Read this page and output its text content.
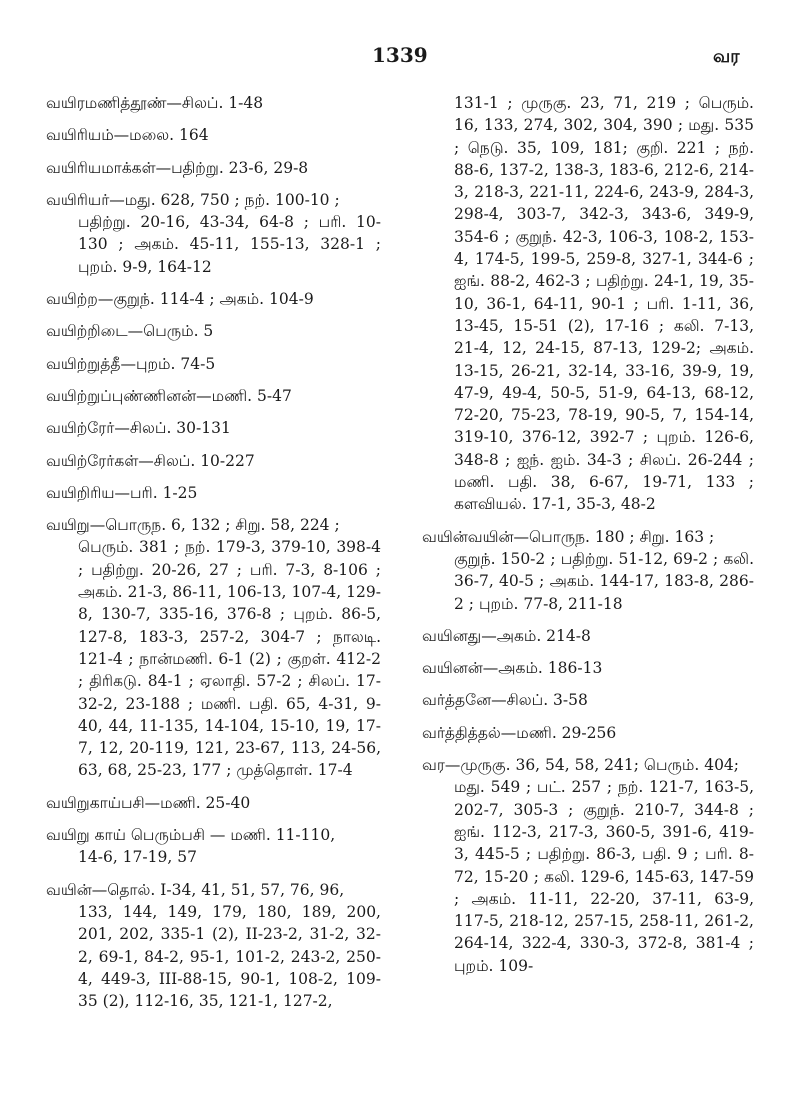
1339	வர
வயிரமணித்தூண்—சிலப். 1-48
வயிரியம்—மலை. 164
வயிரியமாக்கள்—பதிற்று. 23-6, 29-8
வயிரியர்—மது. 628, 750 ; நற். 100-10 ;
பதிற்று. 20-16, 43-34, 64-8 ; பரி. 10-130 ; அகம். 45-11, 155-13, 328-1 ; புறம். 9-9, 164-12
வயிற்ற—குறுந். 114-4 ; அகம். 104-9
வயிற்றிடை—பெரும். 5
வயிற்றுத்தீ—புறம். 74-5
வயிற்றுப்புண்ணினன்—மணி. 5-47
வயிற்ரேர்—சிலப். 30-131
வயிற்ரேர்கள்—சிலப். 10-227
வயிறிரிய—பரி. 1-25
வயிறு—பொருந. 6, 132 ; சிறு. 58, 224 ;
பெரும். 381 ; நற். 179-3, 379-10, 398-4 ; பதிற்று. 20-26, 27 ; பரி. 7-3, 8-106 ; அகம். 21-3, 86-11, 106-13, 107-4, 129-8, 130-7, 335-16, 376-8 ; புறம். 86-5, 127-8, 183-3, 257-2, 304-7 ; நாலடி. 121-4 ; நான்மணி. 6-1 (2) ; குறள். 412-2 ; திரிகடு. 84-1 ; ஏலாதி. 57-2 ; சிலப். 17-32-2, 23-188 ; மணி. பதி. 65, 4-31, 9-40, 44, 11-135, 14-104, 15-10, 19, 17-7, 12, 20-119, 121, 23-67, 113, 24-56, 63, 68, 25-23, 177 ; முத்தொள். 17-4
வயிறுகாய்பசி—மணி. 25-40
வயிறு காய் பெரும்பசி — மணி. 11-110,
14-6, 17-19, 57
வயின்—தொல். I-34, 41, 51, 57, 76, 96,
133, 144, 149, 179, 180, 189, 200, 201, 202, 335-1 (2), II-23-2, 31-2, 32-2, 69-1, 84-2, 95-1, 101-2, 243-2, 250-4, 449-3, III-88-15, 90-1, 108-2, 109-35 (2), 112-16, 35, 121-1, 127-2,
131-1 ; முருகு. 23, 71, 219 ; பெரும். 16, 133, 274, 302, 304, 390 ; மது. 535 ; நெடு. 35, 109, 181; குறி. 221 ; நற். 88-6, 137-2, 138-3, 183-6, 212-6, 214-3, 218-3, 221-11, 224-6, 243-9, 284-3, 298-4, 303-7, 342-3, 343-6, 349-9, 354-6 ; குறுந். 42-3, 106-3, 108-2, 153-4, 174-5, 199-5, 259-8, 327-1, 344-6 ; ஐங். 88-2, 462-3 ; பதிற்று. 24-1, 19, 35-10, 36-1, 64-11, 90-1 ; பரி. 1-11, 36, 13-45, 15-51 (2), 17-16 ; கலி. 7-13, 21-4, 12, 24-15, 87-13, 129-2; அகம். 13-15, 26-21, 32-14, 33-16, 39-9, 19, 47-9, 49-4, 50-5, 51-9, 64-13, 68-12, 72-20, 75-23, 78-19, 90-5, 7, 154-14, 319-10, 376-12, 392-7 ; புறம். 126-6, 348-8 ; ஐந். ஐம். 34-3 ; சிலப். 26-244 ; மணி. பதி. 38, 6-67, 19-71, 133 ; களவியல். 17-1, 35-3, 48-2
வயின்வயின்—பொருந. 180 ; சிறு. 163 ;
குறுந். 150-2 ; பதிற்று. 51-12, 69-2 ; கலி. 36-7, 40-5 ; அகம். 144-17, 183-8, 286-2 ; புறம். 77-8, 211-18
வயினது—அகம். 214-8
வயினன்—அகம். 186-13
வர்த்தனே—சிலப். 3-58
வர்த்தித்தல்—மணி. 29-256
வர—முருகு. 36, 54, 58, 241; பெரும். 404;
மது. 549 ; பட். 257 ; நற். 121-7, 163-5, 202-7, 305-3 ; குறுந். 210-7, 344-8 ; ஐங். 112-3, 217-3, 360-5, 391-6, 419-3, 445-5 ; பதிற்று. 86-3, பதி. 9 ; பரி. 8-72, 15-20 ; கலி. 129-6, 145-63, 147-59 ; அகம். 11-11, 22-20, 37-11, 63-9, 117-5, 218-12, 257-15, 258-11, 261-2, 264-14, 322-4, 330-3, 372-8, 381-4 ; புறம். 109-
